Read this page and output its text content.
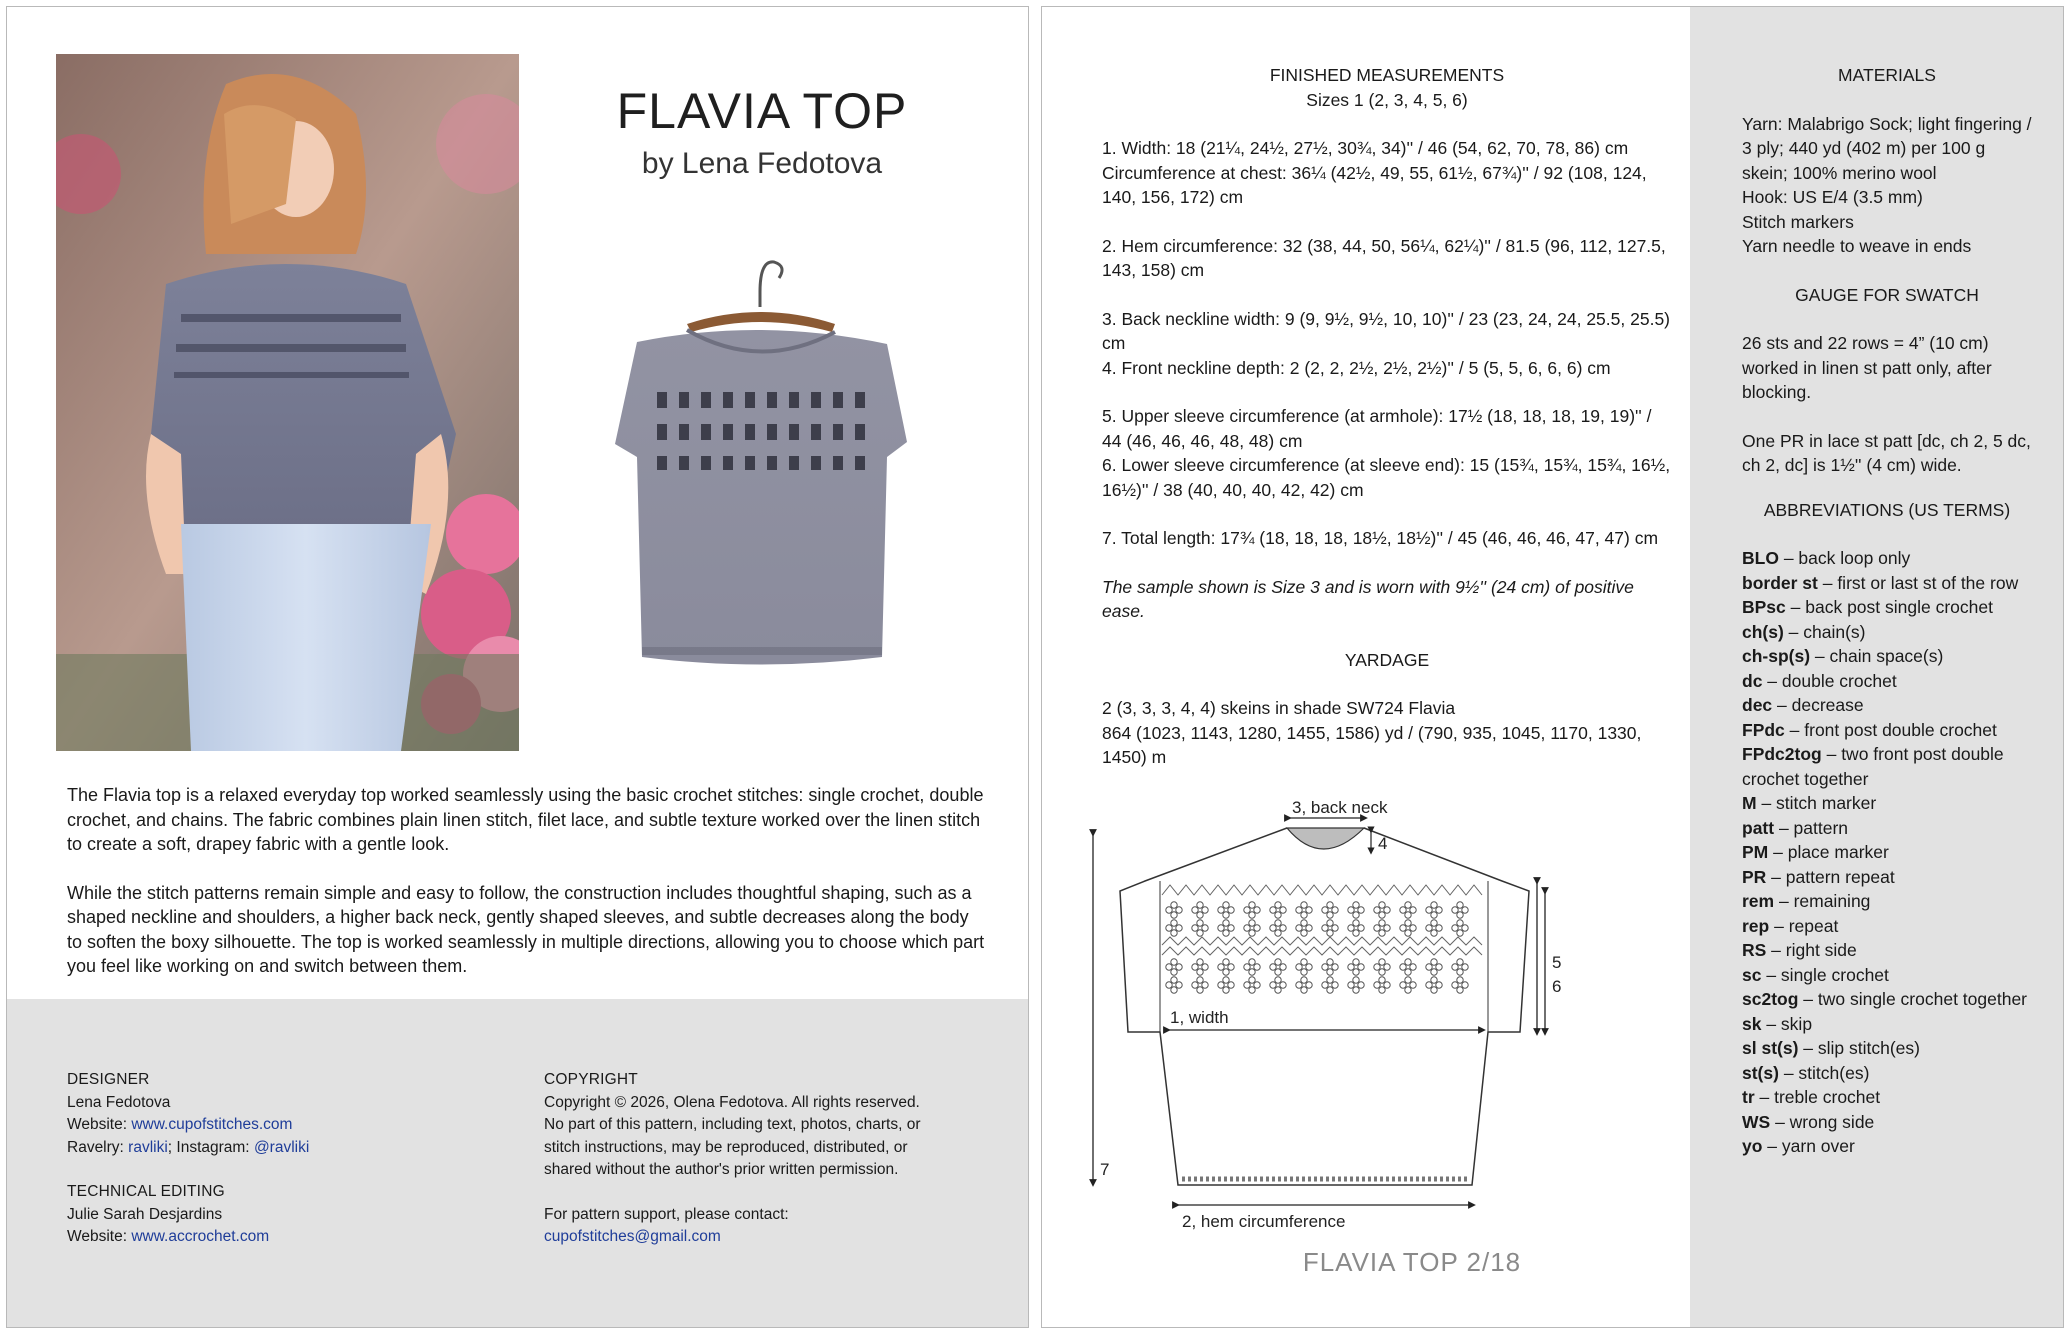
FLAVIA TOP
by Lena Fedotova

The Flavia top is a relaxed everyday top worked seamlessly using the basic crochet stitches: single crochet, double crochet, and chains. The fabric combines plain linen stitch, filet lace, and subtle texture worked over the linen stitch to create a soft, drapey fabric with a gentle look.

While the stitch patterns remain simple and easy to follow, the construction includes thoughtful shaping, such as a shaped neckline and shoulders, a higher back neck, gently shaped sleeves, and subtle decreases along the body to soften the boxy silhouette. The top is worked seamlessly in multiple directions, allowing you to choose which part you feel like working on and switch between them.

DESIGNER
Lena Fedotova
Website: www.cupofstitches.com
Ravelry: ravliki; Instagram: @ravliki
TECHNICAL EDITING
Julie Sarah Desjardins
Website: www.accrochet.com
COPYRIGHT
Copyright © 2026, Olena Fedotova. All rights reserved.
No part of this pattern, including text, photos, charts, or
stitch instructions, may be reproduced, distributed, or
shared without the author's prior written permission.
For pattern support, please contact:
cupofstitches@gmail.com
FINISHED MEASUREMENTS
Sizes 1 (2, 3, 4, 5, 6)
1. Width: 18 (21¼, 24½, 27½, 30¾, 34)'' / 46 (54, 62, 70, 78, 86) cm
Circumference at chest: 36¼ (42½, 49, 55, 61½, 67¾)'' / 92 (108, 124, 140, 156, 172) cm
2. Hem circumference: 32 (38, 44, 50, 56¼, 62¼)'' / 81.5 (96, 112, 127.5, 143, 158) cm
3. Back neckline width: 9 (9, 9½, 9½, 10, 10)'' / 23 (23, 24, 24, 25.5, 25.5) cm
4. Front neckline depth: 2 (2, 2, 2½, 2½, 2½)'' / 5 (5, 5, 6, 6, 6) cm
5. Upper sleeve circumference (at armhole): 17½ (18, 18, 18, 19, 19)'' / 44 (46, 46, 46, 48, 48) cm
6. Lower sleeve circumference (at sleeve end): 15 (15¾, 15¾, 15¾, 16½, 16½)'' / 38 (40, 40, 40, 42, 42) cm
7. Total length: 17¾ (18, 18, 18, 18½, 18½)'' / 45 (46, 46, 46, 47, 47) cm
The sample shown is Size 3 and is worn with 9½'' (24 cm) of positive ease.
YARDAGE
2 (3, 3, 3, 4, 4) skeins in shade SW724 Flavia
864 (1023, 1143, 1280, 1455, 1586) yd / (790, 935, 1045, 1170, 1330, 1450) m
3, back neck
4
1, width
5
6
7
2, hem circumference
FLAVIA TOP 2/18
MATERIALS
Yarn: Malabrigo Sock; light fingering / 3 ply; 440 yd (402 m) per 100 g skein; 100% merino wool
Hook: US E/4 (3.5 mm)
Stitch markers
Yarn needle to weave in ends
GAUGE FOR SWATCH
26 sts and 22 rows = 4” (10 cm) worked in linen st patt only, after blocking.
One PR in lace st patt [dc, ch 2, 5 dc, ch 2, dc] is 1½'' (4 cm) wide.
ABBREVIATIONS (US TERMS)
BLO – back loop only
border st – first or last st of the row
BPsc – back post single crochet
ch(s) – chain(s)
ch-sp(s) – chain space(s)
dc – double crochet
dec – decrease
FPdc – front post double crochet
FPdc2tog – two front post double crochet together
M – stitch marker
patt – pattern
PM – place marker
PR – pattern repeat
rem – remaining
rep – repeat
RS – right side
sc – single crochet
sc2tog – two single crochet together
sk – skip
sl st(s) – slip stitch(es)
st(s) – stitch(es)
tr – treble crochet
WS – wrong side
yo – yarn over
